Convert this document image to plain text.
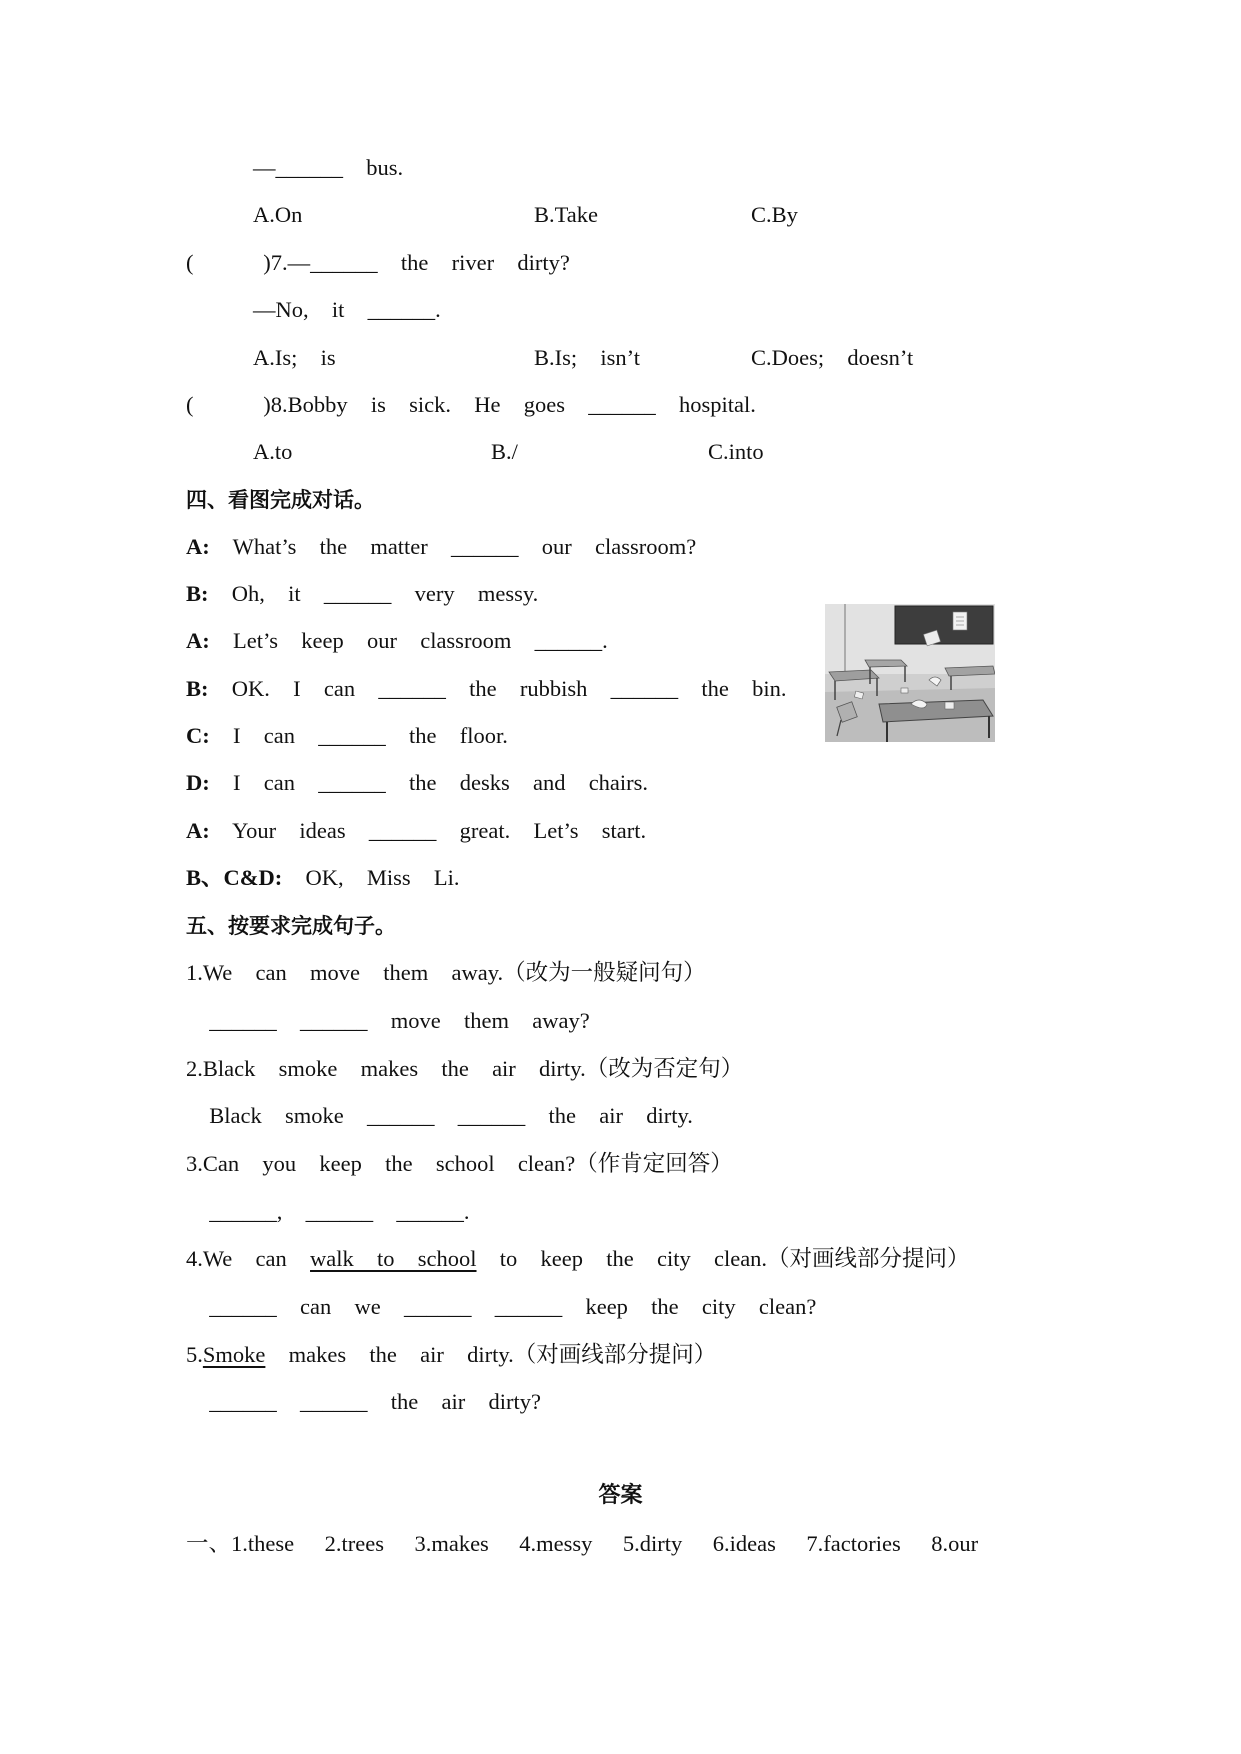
—______  bus.

A.On

	B.Take

	C.By

(      )7.—______  the  river  dirty?
—No,  it  ______.

A.Is;  is

	B.Is;  isn’t

	C.Does;  doesn’t

(      )8.Bobby  is  sick.  He  goes  ______  hospital.

A.to

	B./

	C.into

四、看图完成对话。
A:  What’s  the  matter  ______  our  classroom?
B:  Oh,  it  ______  very  messy.
A:  Let’s  keep  our  classroom  ______.
B:  OK.  I  can  ______  the  rubbish  ______  the  bin.
C:  I  can  ______  the  floor.
D:  I  can  ______  the  desks  and  chairs.
A:  Your  ideas  ______  great.  Let’s  start.
B、C&D:  OK,  Miss  Li.
五、按要求完成句子。
1.We  can  move  them  away.（改为一般疑问句）
______  ______  move  them  away?
2.Black  smoke  makes  the  air  dirty.（改为否定句）
Black  smoke  ______  ______  the  air  dirty.
3.Can  you  keep  the  school  clean?（作肯定回答）
______,  ______  ______.
4.We  can  walk  to  school  to  keep  the  city  clean.（对画线部分提问）
______  can  we  ______  ______  keep  the  city  clean?
5.Smoke  makes  the  air  dirty.（对画线部分提问）
______  ______  the  air  dirty?
答案
一、1.these    2.trees    3.makes    4.messy    5.dirty    6.ideas    7.factories    8.our
